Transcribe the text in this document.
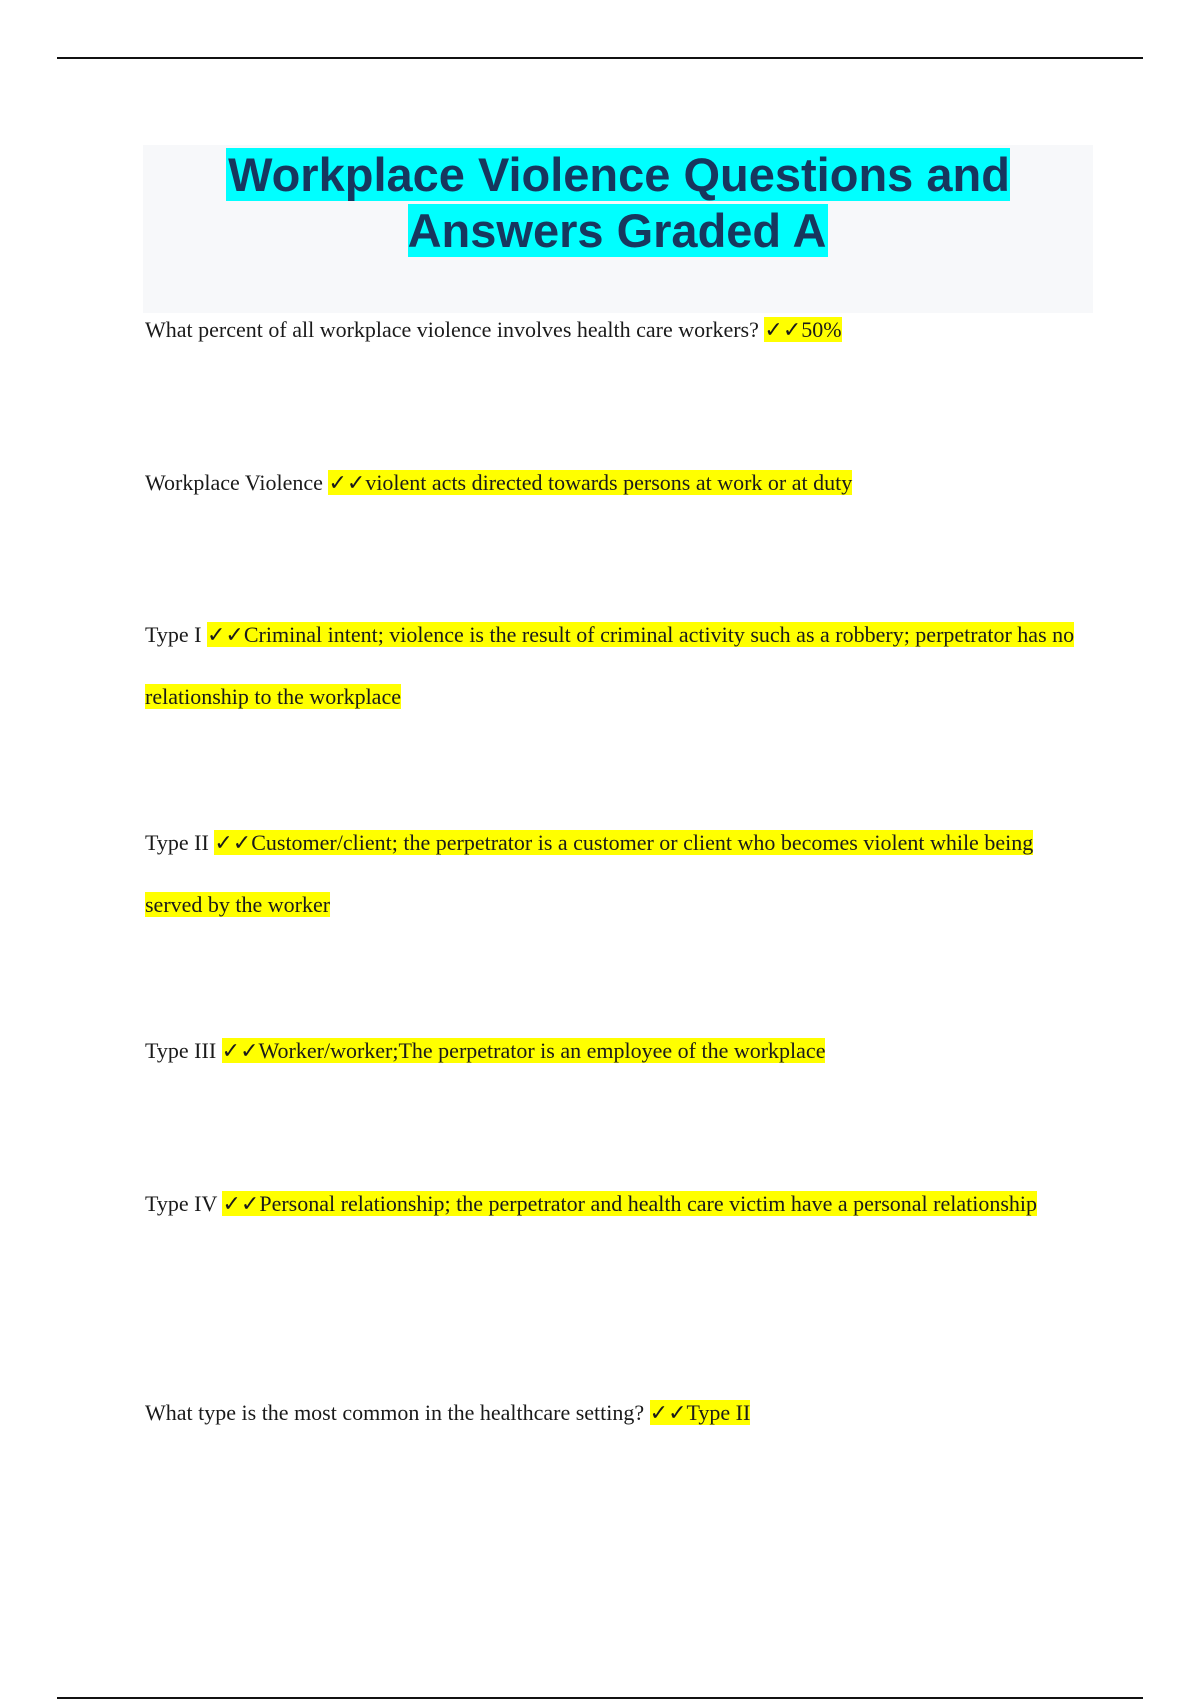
Workplace Violence Questions and Answers Graded A

What percent of all workplace violence involves health care workers? ✓✓50%

Workplace Violence ✓✓violent acts directed towards persons at work or at duty

Type I ✓✓Criminal intent; violence is the result of criminal activity such as a robbery; perpetrator has no relationship to the workplace

Type II ✓✓Customer/client; the perpetrator is a customer or client who becomes violent while being served by the worker

Type III ✓✓Worker/worker;The perpetrator is an employee of the workplace

Type IV ✓✓Personal relationship; the perpetrator and health care victim have a personal relationship

What type is the most common in the healthcare setting? ✓✓Type II
